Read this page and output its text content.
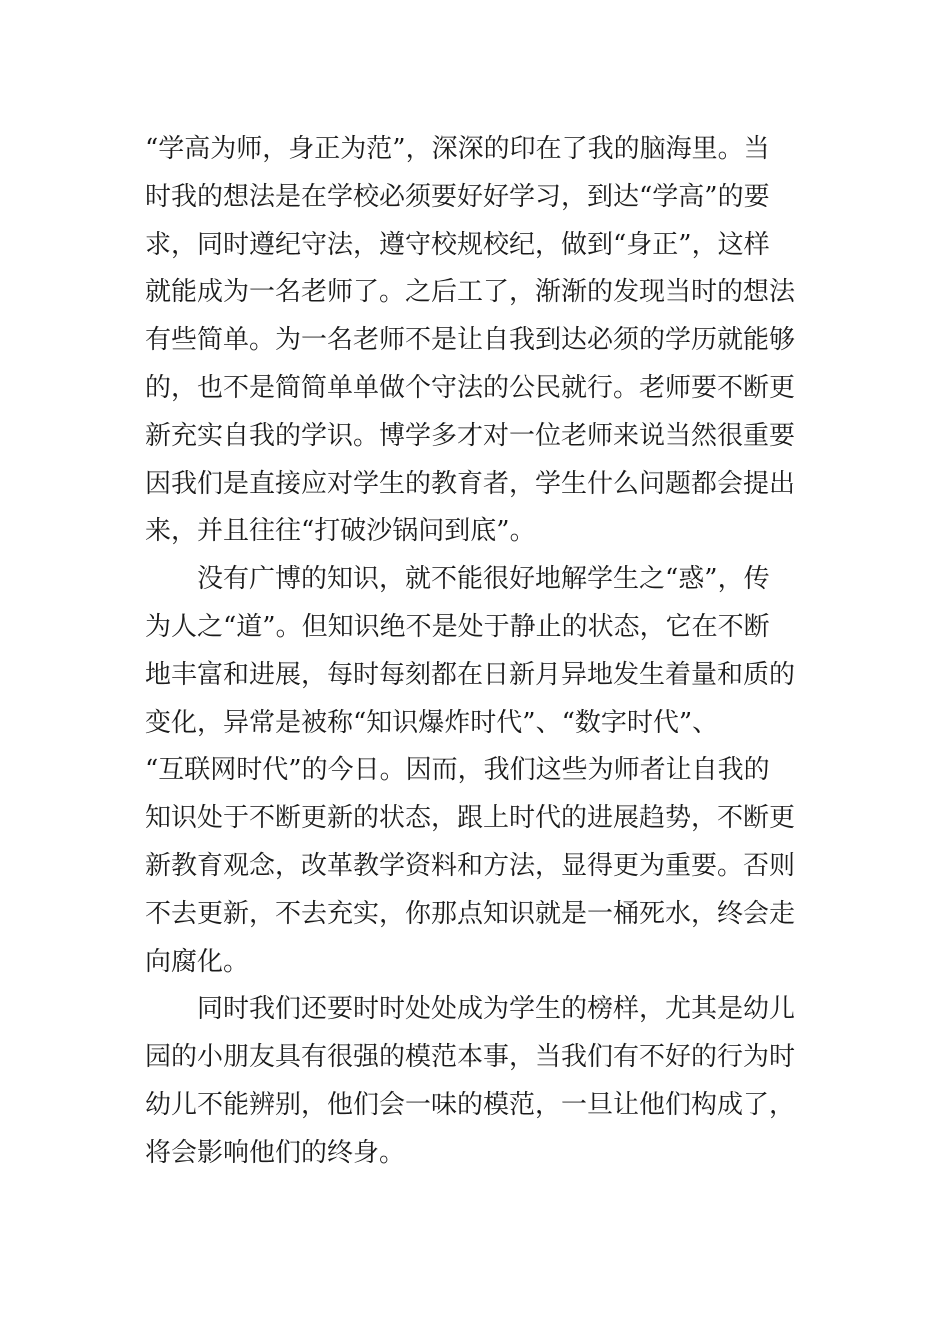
“学高为师，身正为范”，深深的印在了我的脑海里。当
时我的想法是在学校必须要好好学习，到达“学高”的要
求，同时遵纪守法，遵守校规校纪，做到“身正”，这样
就能成为一名老师了。之后工了，渐渐的发现当时的想法
有些简单。为一名老师不是让自我到达必须的学历就能够
的，也不是简简单单做个守法的公民就行。老师要不断更
新充实自我的学识。博学多才对一位老师来说当然很重要
因我们是直接应对学生的教育者，学生什么问题都会提出
来，并且往往“打破沙锅问到底”。
没有广博的知识，就不能很好地解学生之“惑”，传
为人之“道”。但知识绝不是处于静止的状态，它在不断
地丰富和进展，每时每刻都在日新月异地发生着量和质的
变化，异常是被称“知识爆炸时代”、“数字时代”、
“互联网时代”的今日。因而，我们这些为师者让自我的
知识处于不断更新的状态，跟上时代的进展趋势，不断更
新教育观念，改革教学资料和方法，显得更为重要。否则
不去更新，不去充实，你那点知识就是一桶死水，终会走
向腐化。
同时我们还要时时处处成为学生的榜样，尤其是幼儿
园的小朋友具有很强的模范本事，当我们有不好的行为时
幼儿不能辨别，他们会一味的模范，一旦让他们构成了，
将会影响他们的终身。
